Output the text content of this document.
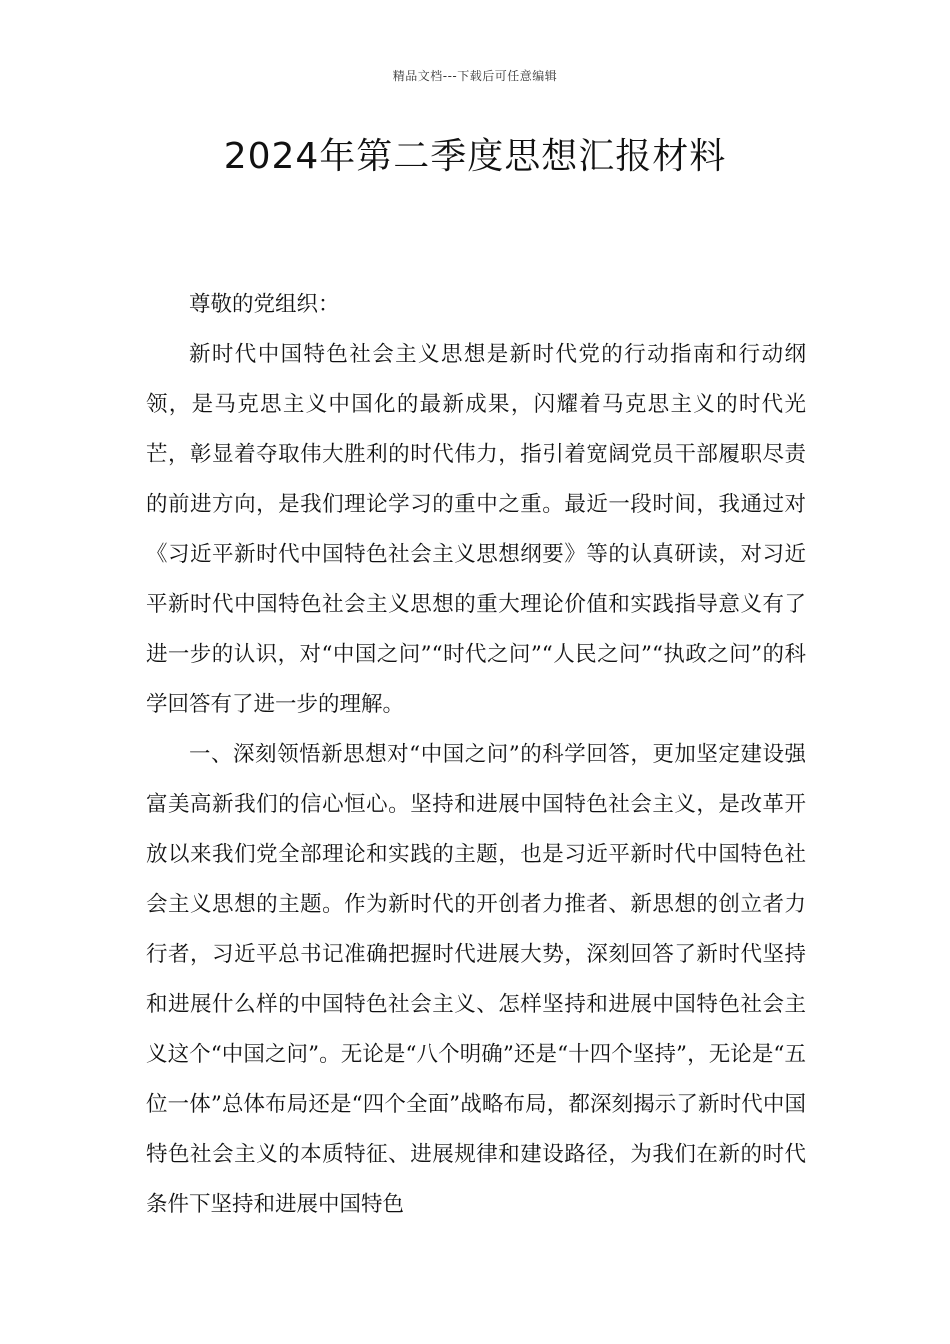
精品文档---下载后可任意编辑
2024年第二季度思想汇报材料

尊敬的党组织：

新时代中国特色社会主义思想是新时代党的行动指南和行动纲领，是马克思主义中国化的最新成果，闪耀着马克思主义的时代光芒，彰显着夺取伟大胜利的时代伟力，指引着宽阔党员干部履职尽责的前进方向，是我们理论学习的重中之重。最近一段时间，我通过对《习近平新时代中国特色社会主义思想纲要》等的认真研读，对习近平新时代中国特色社会主义思想的重大理论价值和实践指导意义有了进一步的认识，对“中国之问”“时代之问”“人民之问”“执政之问”的科学回答有了进一步的理解。

一、深刻领悟新思想对“中国之问”的科学回答，更加坚定建设强富美高新我们的信心恒心。坚持和进展中国特色社会主义，是改革开放以来我们党全部理论和实践的主题，也是习近平新时代中国特色社会主义思想的主题。作为新时代的开创者力推者、新思想的创立者力行者，习近平总书记准确把握时代进展大势，深刻回答了新时代坚持和进展什么样的中国特色社会主义、怎样坚持和进展中国特色社会主义这个“中国之问”。无论是“八个明确”还是“十四个坚持”，无论是“五位一体”总体布局还是“四个全面”战略布局，都深刻揭示了新时代中国特色社会主义的本质特征、进展规律和建设路径，为我们在新的时代条件下坚持和进展中国特色
